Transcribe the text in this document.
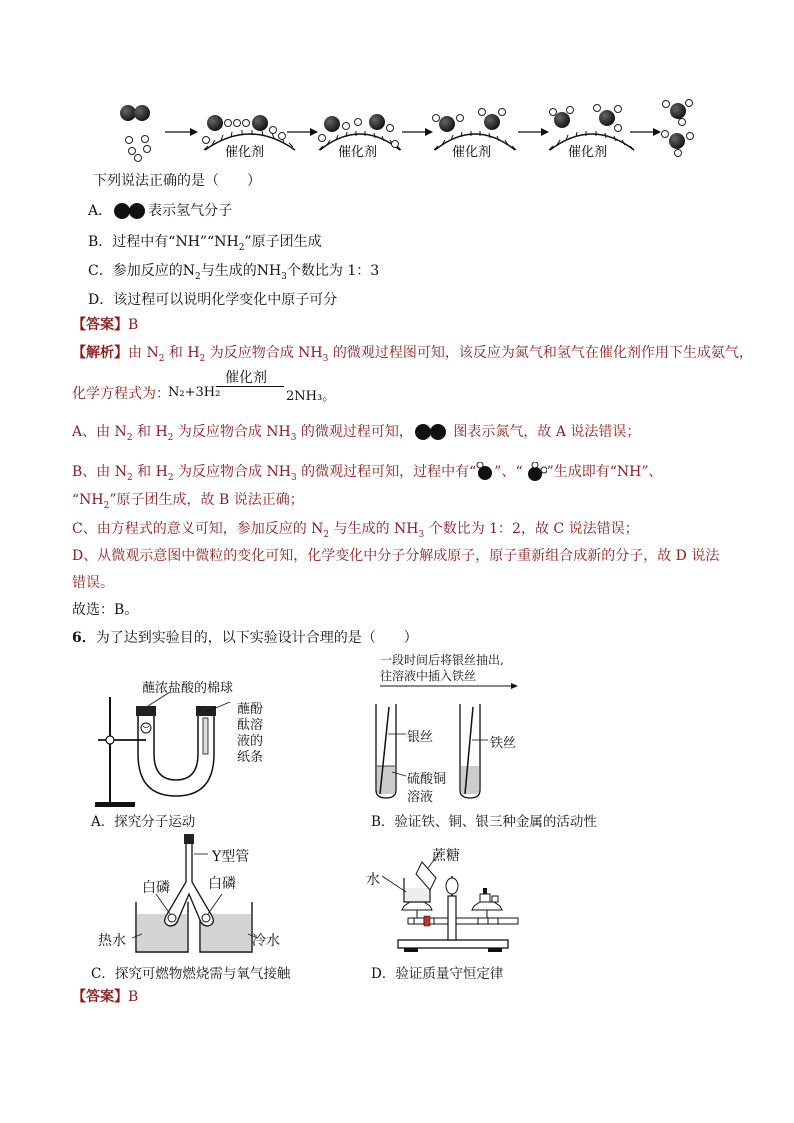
催化剂	催化剂	催化剂	催化剂
下列说法正确的是（　　）
A．	表示氢气分子
B．过程中有“$NH”“NH_2$”原子团生成
C．参加反应的$N_2$与生成的$NH_3$个数比为 1：3
D．该过程可以说明化学变化中原子可分
【答案】B
【解析】由 $N_2$ 和 $H_2$ 为反应物合成 $NH_3$ 的微观过程图可知，该反应为氮气和氢气在催化剂作用下生成氨气，
化学方程式为：
N₂+3H₂
催化剂
2NH₃。
A、由 $N_2$ 和 $H_2$ 为反应物合成 $NH_3$ 的微观过程可知，	图表示氮气，故 A 说法错误；
B、由 $N_2$ 和 $H_2$ 为反应物合成 $NH_3$ 的微观过程可知，过程中有“ ”、“ ”生成即有“NH”、
“$NH_2$”原子团生成，故 B 说法正确；
C、由方程式的意义可知，参加反应的 $N_2$ 与生成的 $NH_3$ 个数比为 1：2，故 C 说法错误；
D、从微观示意图中微粒的变化可知，化学变化中分子分解成原子，原子重新组合成新的分子，故 D 说法
错误。
故选：B。
6．为了达到实验目的，以下实验设计合理的是（　　）
蘸浓盐酸的棉球
蘸酚
酞溶
液的
纸条
A．探究分子运动
一段时间后将银丝抽出,
往溶液中插入铁丝
银丝
硫酸铜
溶液
铁丝
B．验证铁、铜、银三种金属的活动性
Y型管
白磷	白磷
热水	冷水
C．探究可燃物燃烧需与氧气接触
蔗糖
水
D．验证质量守恒定律
【答案】B
